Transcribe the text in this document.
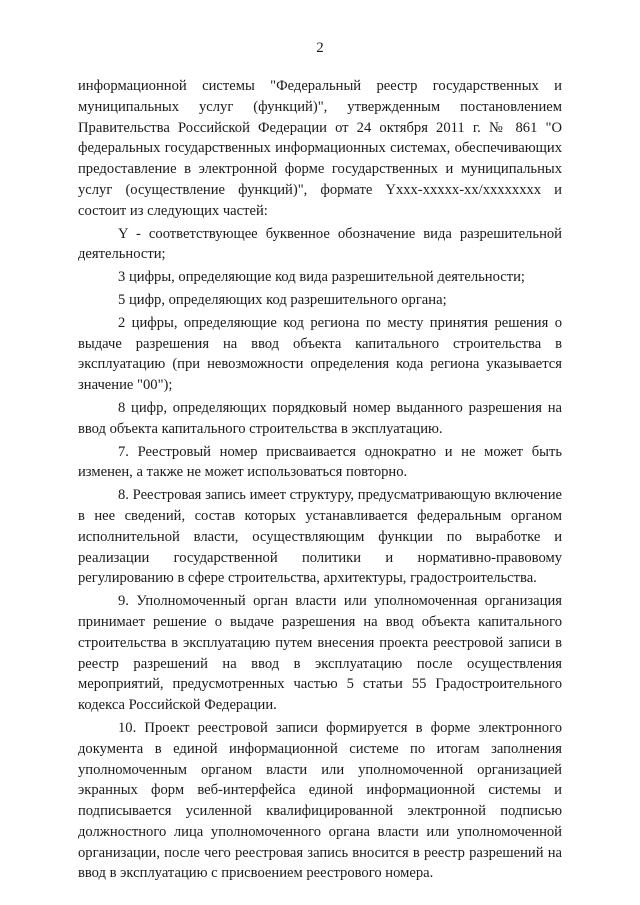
2

информационной системы "Федеральный реестр государственных и муниципальных услуг (функций)", утвержденным постановлением Правительства Российской Федерации от 24 октября 2011 г. № 861 "О федеральных государственных информационных системах, обеспечивающих предоставление в электронной форме государственных и муниципальных услуг (осуществление функций)", формате Yxxx-xxxxx-xx/xxxxxxxx и состоит из следующих частей:

Y - соответствующее буквенное обозначение вида разрешительной деятельности;

3 цифры, определяющие код вида разрешительной деятельности;

5 цифр, определяющих код разрешительного органа;

2 цифры, определяющие код региона по месту принятия решения о выдаче разрешения на ввод объекта капитального строительства в эксплуатацию (при невозможности определения кода региона указывается значение "00");

8 цифр, определяющих порядковый номер выданного разрешения на ввод объекта капитального строительства в эксплуатацию.

7. Реестровый номер присваивается однократно и не может быть изменен, а также не может использоваться повторно.

8. Реестровая запись имеет структуру, предусматривающую включение в нее сведений, состав которых устанавливается федеральным органом исполнительной власти, осуществляющим функции по выработке и реализации государственной политики и нормативно-правовому регулированию в сфере строительства, архитектуры, градостроительства.

9. Уполномоченный орган власти или уполномоченная организация принимает решение о выдаче разрешения на ввод объекта капитального строительства в эксплуатацию путем внесения проекта реестровой записи в реестр разрешений на ввод в эксплуатацию после осуществления мероприятий, предусмотренных частью 5 статьи 55 Градостроительного кодекса Российской Федерации.

10. Проект реестровой записи формируется в форме электронного документа в единой информационной системе по итогам заполнения уполномоченным органом власти или уполномоченной организацией экранных форм веб-интерфейса единой информационной системы и подписывается усиленной квалифицированной электронной подписью должностного лица уполномоченного органа власти или уполномоченной организации, после чего реестровая запись вносится в реестр разрешений на ввод в эксплуатацию с присвоением реестрового номера.
